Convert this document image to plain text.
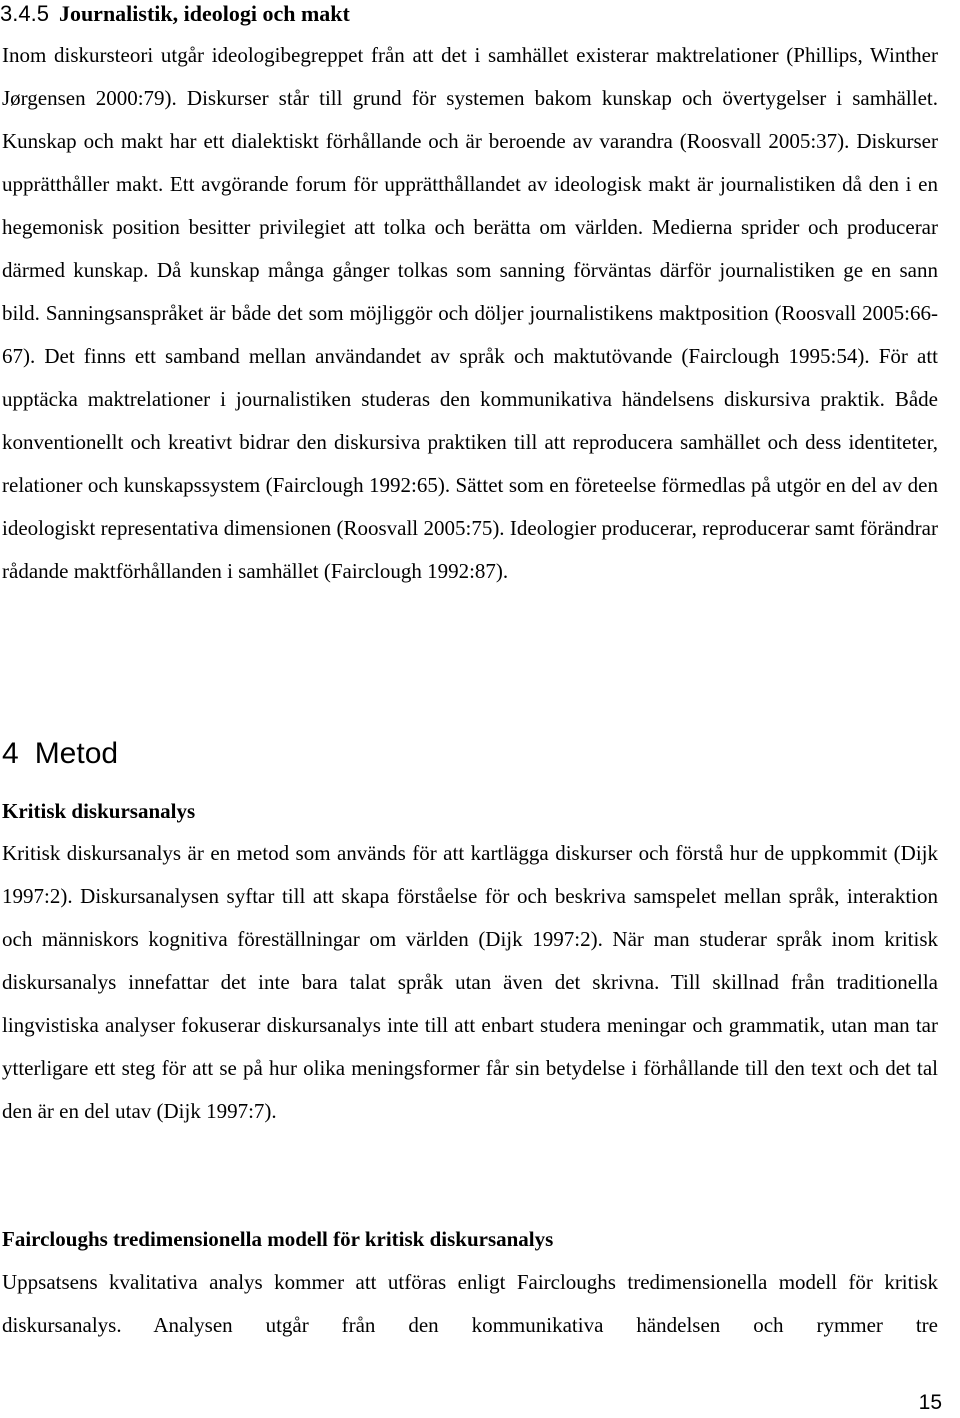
3.4.5 Journalistik, ideologi och makt

Inom diskursteori utgår ideologibegreppet från att det i samhället existerar maktrelationer (Phillips, Winther Jørgensen 2000:79). Diskurser står till grund för systemen bakom kunskap och övertygelser i samhället. Kunskap och makt har ett dialektiskt förhållande och är beroende av varandra (Roosvall 2005:37). Diskurser upprätthåller makt. Ett avgörande forum för upprätthållandet av ideologisk makt är journalistiken då den i en hegemonisk position besitter privilegiet att tolka och berätta om världen. Medierna sprider och producerar därmed kunskap. Då kunskap många gånger tolkas som sanning förväntas därför journalistiken ge en sann bild. Sanningsanspråket är både det som möjliggör och döljer journalistikens maktposition (Roosvall 2005:66-67). Det finns ett samband mellan användandet av språk och maktutövande (Fairclough 1995:54). För att upptäcka maktrelationer i journalistiken studeras den kommunikativa händelsens diskursiva praktik. Både konventionellt och kreativt bidrar den diskursiva praktiken till att reproducera samhället och dess identiteter, relationer och kunskapssystem (Fairclough 1992:65). Sättet som en företeelse förmedlas på utgör en del av den ideologiskt representativa dimensionen (Roosvall 2005:75). Ideologier producerar, reproducerar samt förändrar rådande maktförhållanden i samhället (Fairclough 1992:87).

4 Metod
Kritisk diskursanalys

Kritisk diskursanalys är en metod som används för att kartlägga diskurser och förstå hur de uppkommit (Dijk 1997:2). Diskursanalysen syftar till att skapa förståelse för och beskriva samspelet mellan språk, interaktion och människors kognitiva föreställningar om världen (Dijk 1997:2). När man studerar språk inom kritisk diskursanalys innefattar det inte bara talat språk utan även det skrivna. Till skillnad från traditionella lingvistiska analyser fokuserar diskursanalys inte till att enbart studera meningar och grammatik, utan man tar ytterligare ett steg för att se på hur olika meningsformer får sin betydelse i förhållande till den text och det tal den är en del utav (Dijk 1997:7).

Faircloughs tredimensionella modell för kritisk diskursanalys

Uppsatsens kvalitativa analys kommer att utföras enligt Faircloughs tredimensionella modell för kritisk diskursanalys. Analysen utgår från den kommunikativa händelsen och rymmer tre

15
